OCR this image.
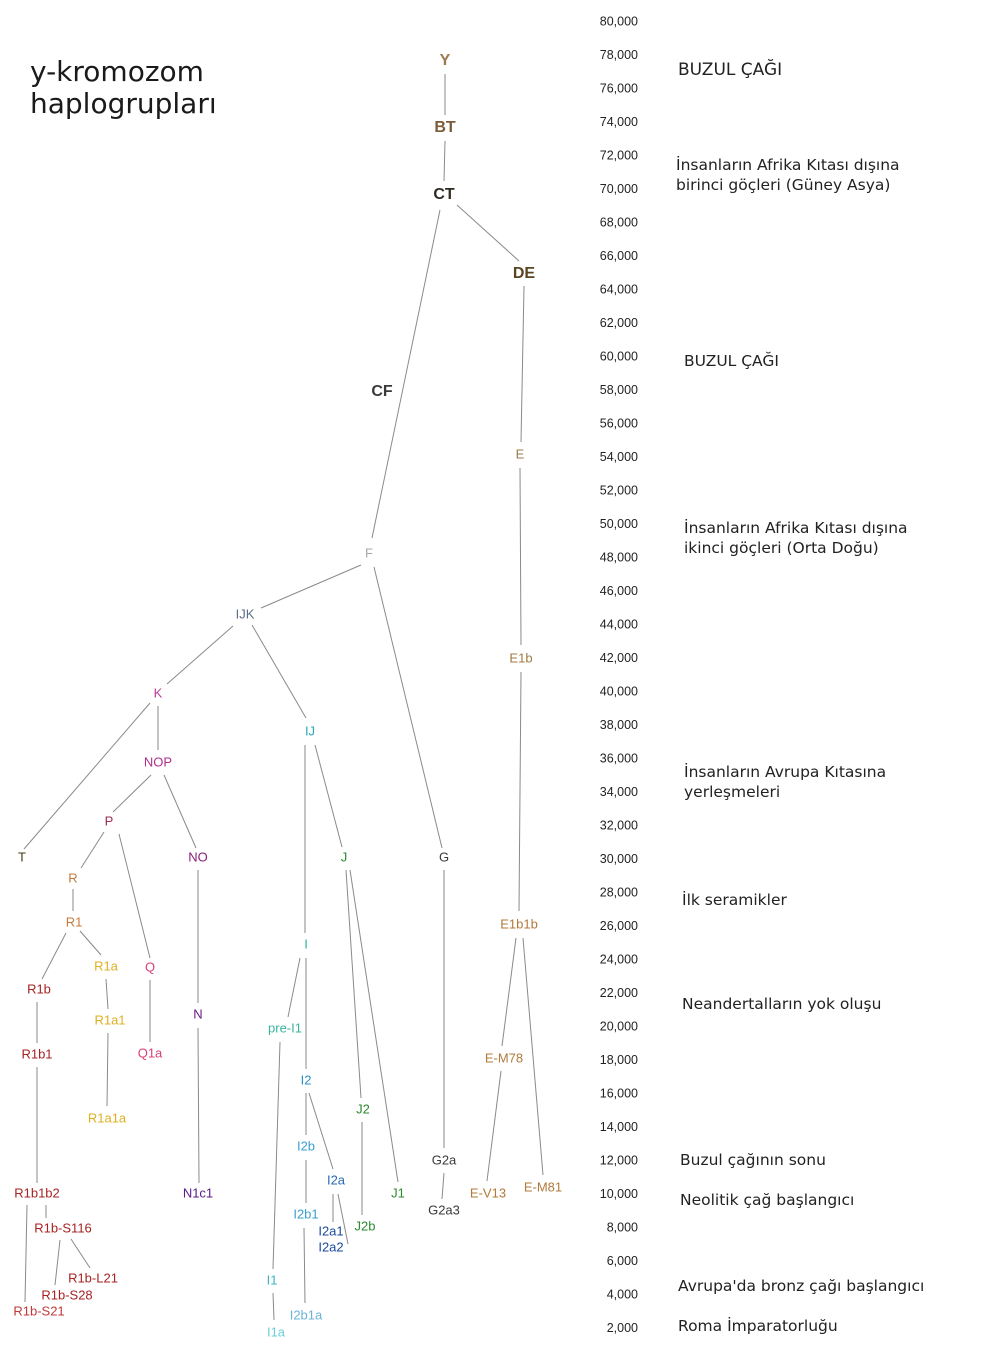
y-kromozom
haplogrupları
Y
BT
CT
DE
CF
E
F
IJK
E1b
K
IJ
NOP
P
T	NO	J	G
R
R1	E1b1b
I
R1a Q
R1b
R1a1	N
pre-I1
R1b1	Q1a	E-M78
I2
J2
R1a1a
I2b
G2a
N1c1
I2a
E-V13 E-M81
R1b1b2	J1
G2a3
I2b1
R1b-S116	I2a1
I2a2
J2b
R1b-L21	I1
R1b-S28
R1b-S21	I2b1a
I1a
80,000
78,000
76,000
74,000
72,000
70,000
68,000
66,000
64,000
62,000
60,000
58,000
56,000
54,000
52,000
50,000
48,000
46,000
44,000
42,000
40,000
38,000
36,000
34,000
32,000
30,000
28,000
26,000
24,000
22,000
20,000
18,000
16,000
14,000
12,000
10,000
8,000
6,000
4,000
2,000
BUZUL ÇAĞI
İnsanların Afrika Kıtası dışına birinci göçleri (Güney Asya)
BUZUL ÇAĞI
İnsanların Afrika Kıtası dışına ikinci göçleri (Orta Doğu)
İnsanların Avrupa Kıtasına yerleşmeleri
İlk seramikler
Neandertalların yok oluşu
Buzul çağının sonu
Neolitik çağ başlangıcı
Avrupa'da bronz çağı başlangıcı
Roma İmparatorluğu
